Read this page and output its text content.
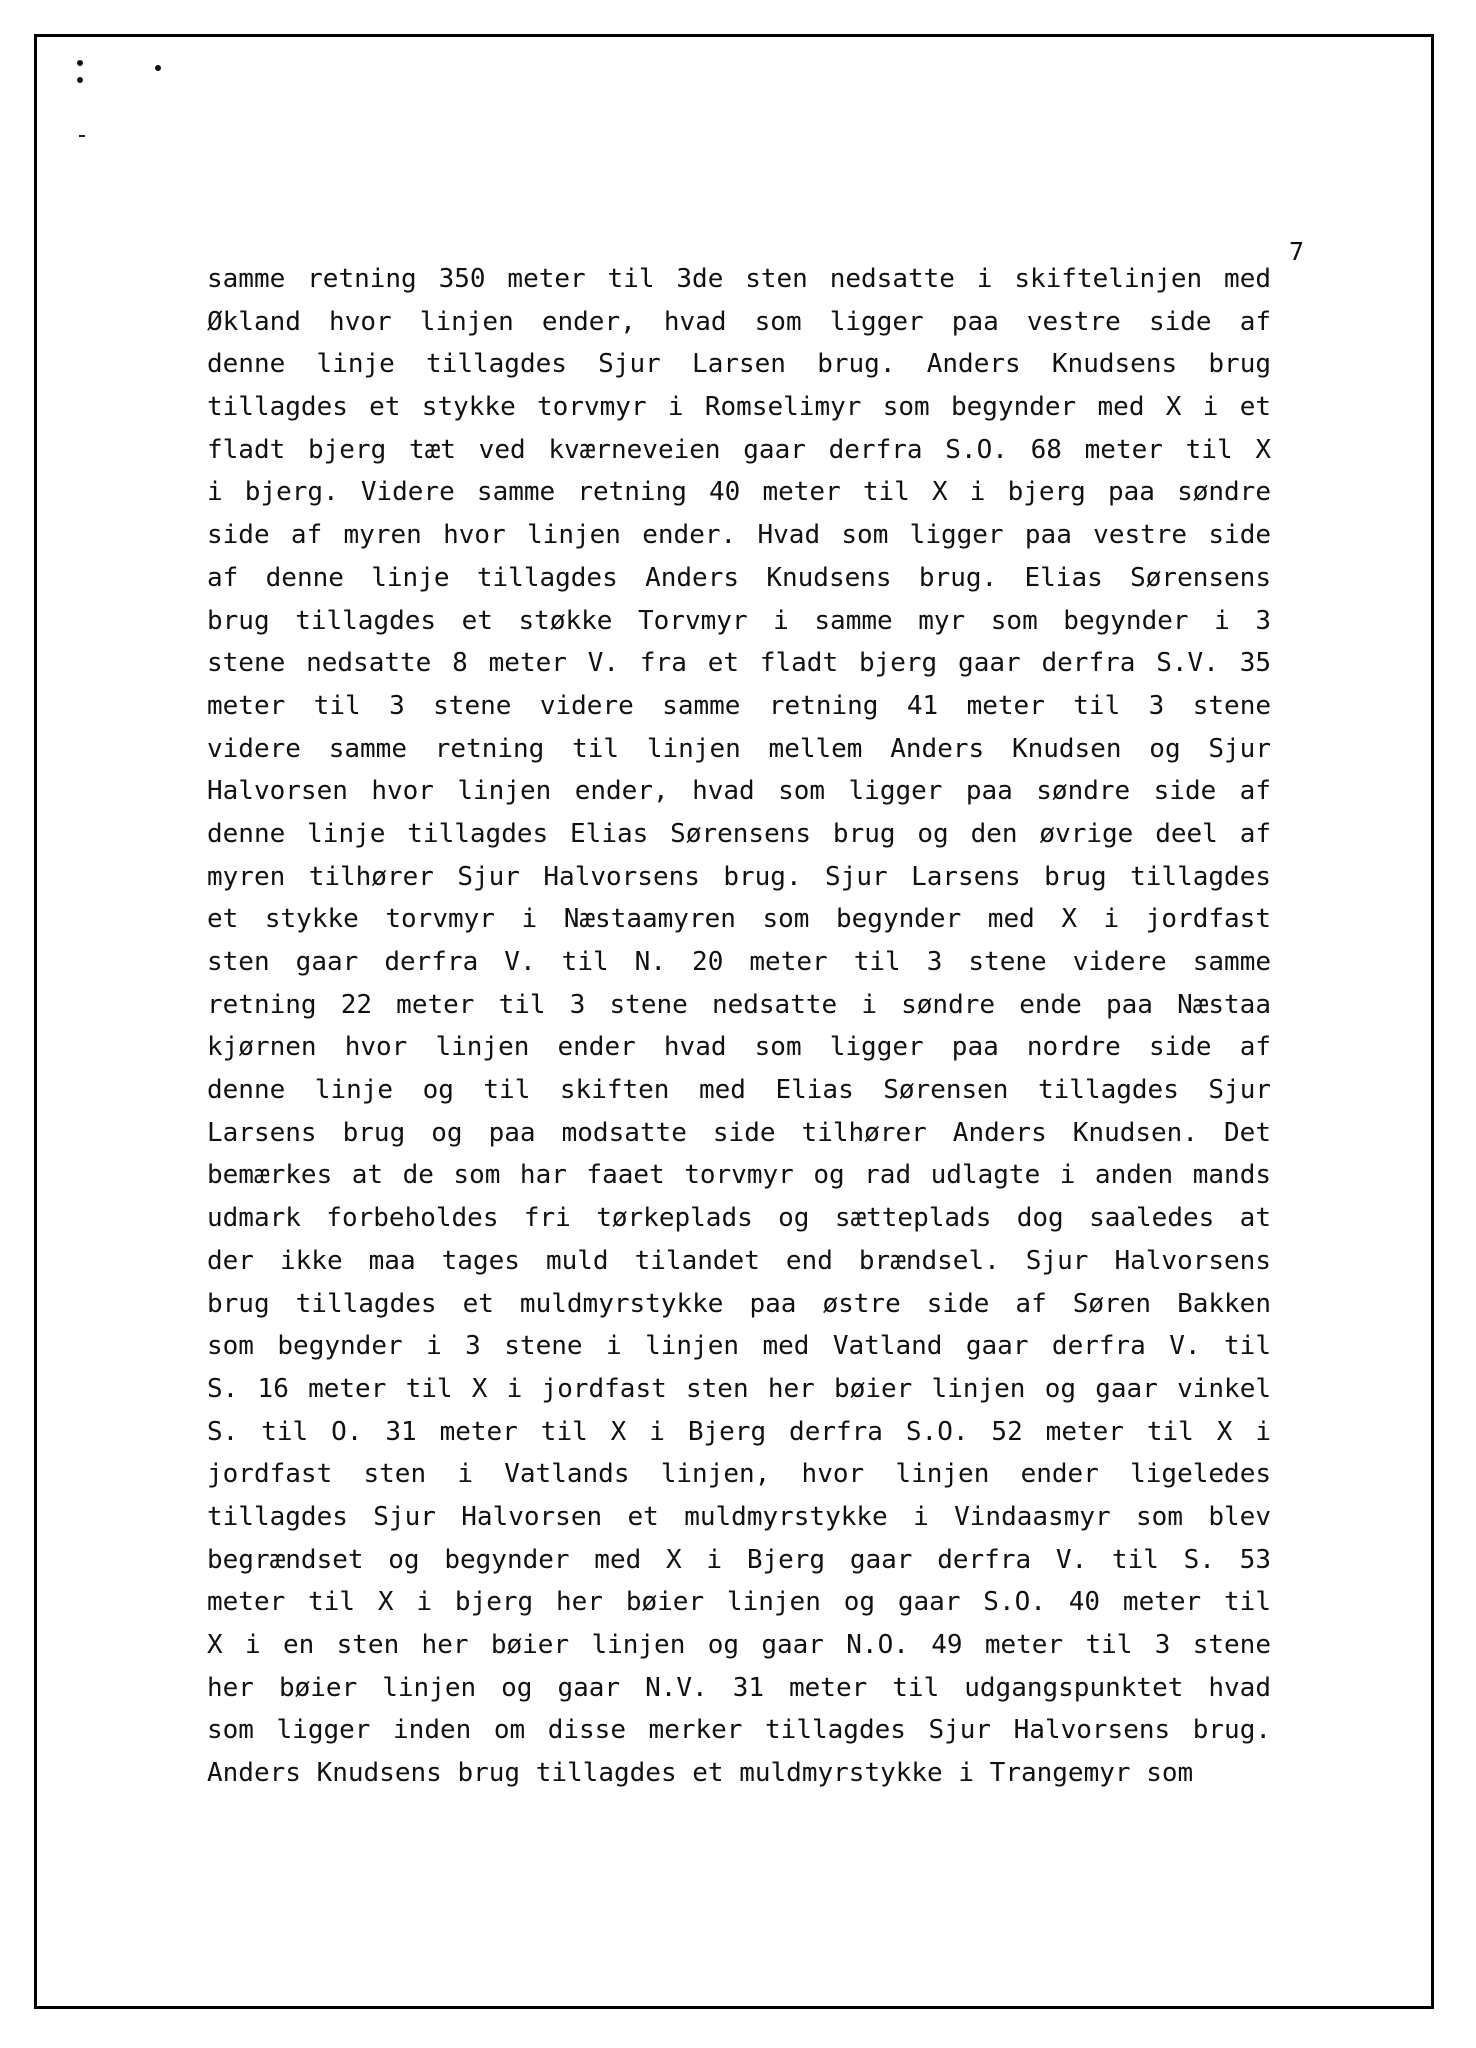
7
samme retning 350 meter til 3de sten nedsatte i skiftelinjen med
Økland hvor linjen ender, hvad som ligger paa vestre side af
denne linje tillagdes Sjur Larsen brug. Anders Knudsens brug
tillagdes et stykke torvmyr i Romselimyr som begynder med X i et
fladt bjerg tæt ved kværneveien gaar derfra S.O. 68 meter til X
i bjerg. Videre samme retning 40 meter til X i bjerg paa søndre
side af myren hvor linjen ender. Hvad som ligger paa vestre side
af denne linje tillagdes Anders Knudsens brug. Elias Sørensens
brug tillagdes et støkke Torvmyr i samme myr som begynder i 3
stene nedsatte 8 meter V. fra et fladt bjerg gaar derfra S.V. 35
meter til 3 stene videre samme retning 41 meter til 3 stene
videre samme retning til linjen mellem Anders Knudsen og Sjur
Halvorsen hvor linjen ender, hvad som ligger paa søndre side af
denne linje tillagdes Elias Sørensens brug og den øvrige deel af
myren tilhører Sjur Halvorsens brug. Sjur Larsens brug tillagdes
et stykke torvmyr i Næstaamyren som begynder med X i jordfast
sten gaar derfra V. til N. 20 meter til 3 stene videre samme
retning 22 meter til 3 stene nedsatte i søndre ende paa Næstaa
kjørnen hvor linjen ender hvad som ligger paa nordre side af
denne linje og til skiften med Elias Sørensen tillagdes Sjur
Larsens brug og paa modsatte side tilhører Anders Knudsen. Det
bemærkes at de som har faaet torvmyr og rad udlagte i anden mands
udmark forbeholdes fri tørkeplads og sætteplads dog saaledes at
der ikke maa tages muld tilandet end brændsel. Sjur Halvorsens
brug tillagdes et muldmyrstykke paa østre side af Søren Bakken
som begynder i 3 stene i linjen med Vatland gaar derfra V. til
S. 16 meter til X i jordfast sten her bøier linjen og gaar vinkel
S. til O. 31 meter til X i Bjerg derfra S.O. 52 meter til X i
jordfast sten i Vatlands linjen, hvor linjen ender ligeledes
tillagdes Sjur Halvorsen et muldmyrstykke i Vindaasmyr som blev
begrændset og begynder med X i Bjerg gaar derfra V. til S. 53
meter til X i bjerg her bøier linjen og gaar S.O. 40 meter til
X i en sten her bøier linjen og gaar N.O. 49 meter til 3 stene
her bøier linjen og gaar N.V. 31 meter til udgangspunktet hvad
som ligger inden om disse merker tillagdes Sjur Halvorsens brug.
Anders Knudsens brug tillagdes et muldmyrstykke i Trangemyr som
